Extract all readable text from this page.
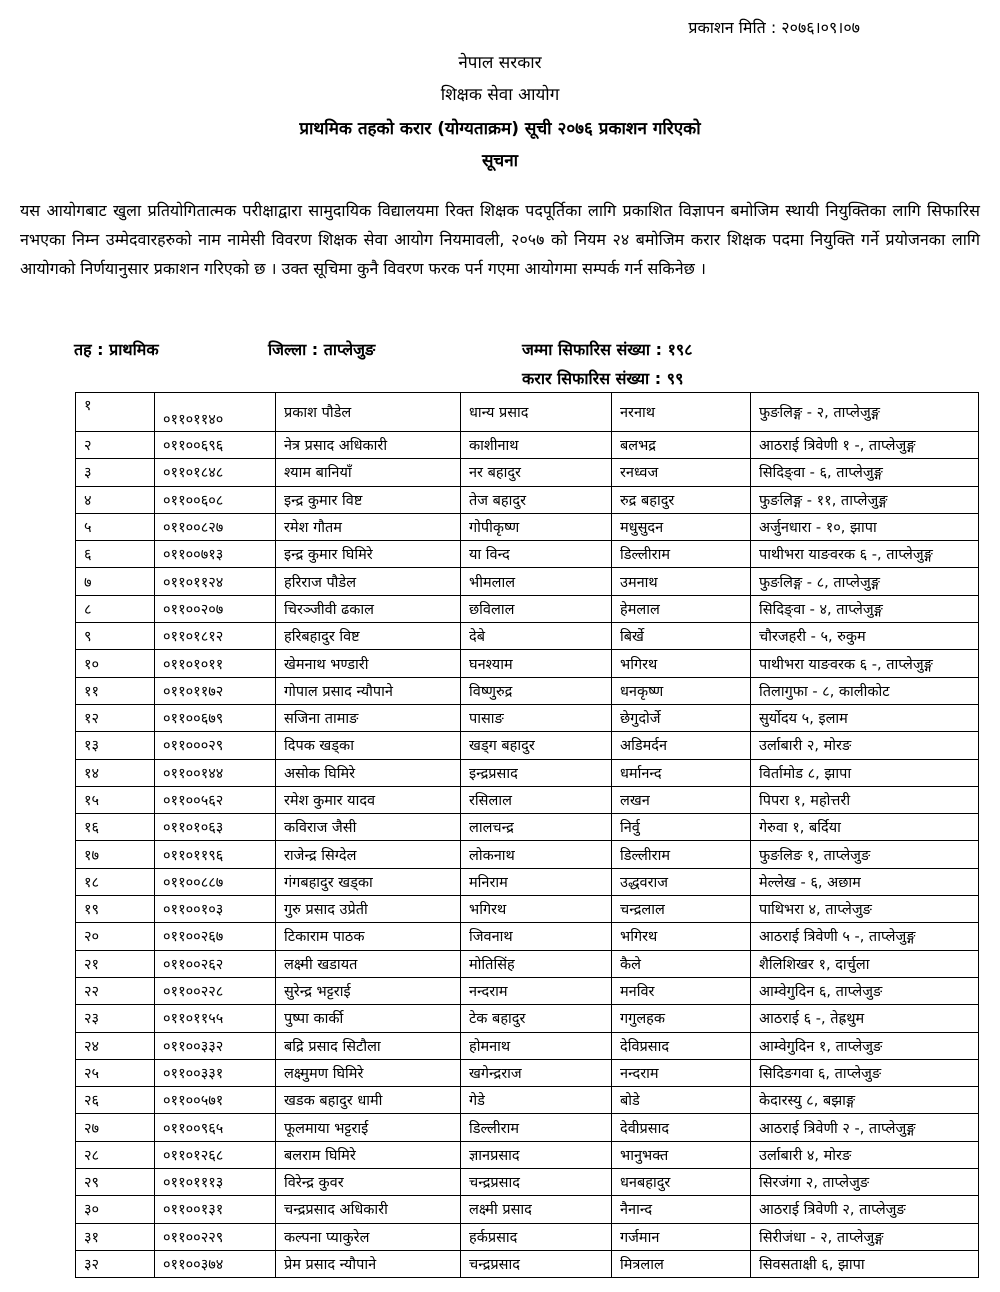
प्रकाशन मिति : २०७६।०९।०७
नेपाल सरकार
शिक्षक सेवा आयोग
प्राथमिक तहको करार (योग्यताक्रम) सूची २०७६ प्रकाशन गरिएको
सूचना
यस आयोगबाट खुला प्रतियोगितात्मक परीक्षाद्वारा सामुदायिक विद्यालयमा रिक्त शिक्षक पदपूर्तिका लागि प्रकाशित विज्ञापन बमोजिम स्थायी नियुक्तिका लागि सिफारिस नभएका निम्न उम्मेदवारहरुको नाम नामेसी विवरण शिक्षक सेवा आयोग नियमावली, २०५७ को नियम २४ बमोजिम करार शिक्षक पदमा नियुक्ति गर्ने प्रयोजनका लागि आयोगको निर्णयानुसार प्रकाशन गरिएको छ । उक्त सूचिमा कुनै विवरण फरक पर्न गएमा आयोगमा सम्पर्क गर्न सकिनेछ ।
तह : प्राथमिक	जिल्ला : ताप्लेजुङ	जम्मा सिफारिस संख्या : १९८
करार सिफारिस संख्या : ९९
१	०११०११४०	प्रकाश पौडेल	धान्य प्रसाद	नरनाथ	फुङलिङ्ग - २, ताप्लेजुङ्ग
२	०११००६९६	नेत्र प्रसाद अधिकारी	काशीनाथ	बलभद्र	आठराई त्रिवेणी १ -, ताप्लेजुङ्ग
३	०११०१८४८	श्याम बानियाँ	नर बहादुर	रनध्वज	सिदिङ्वा - ६, ताप्लेजुङ्ग
४	०११००६०८	इन्द्र कुमार विष्ट	तेज बहादुर	रुद्र बहादुर	फुङलिङ्ग - ११, ताप्लेजुङ्ग
५	०११००८२७	रमेश गौतम	गोपीकृष्ण	मधुसुदन	अर्जुनधारा - १०, झापा
६	०११००७१३	इन्द्र कुमार घिमिरे	या विन्द	डिल्लीराम	पाथीभरा याङवरक ६ -, ताप्लेजुङ्ग
७	०११०११२४	हरिराज पौडेल	भीमलाल	उमनाथ	फुङलिङ्ग - ८, ताप्लेजुङ्ग
८	०११००२०७	चिरञ्जीवी ढकाल	छविलाल	हेमलाल	सिदिङ्वा - ४, ताप्लेजुङ्ग
९	०११०१८१२	हरिबहादुर विष्ट	देबे	बिर्खे	चौरजहरी - ५, रुकुम
१०	०११०१०११	खेमनाथ भण्डारी	घनश्याम	भगिरथ	पाथीभरा याङवरक ६ -, ताप्लेजुङ्ग
११	०११०११७२	गोपाल प्रसाद न्यौपाने	विष्णुरुद्र	धनकृष्ण	तिलागुफा - ८, कालीकोट
१२	०११००६७९	सजिना तामाङ	पासाङ	छेगुदोर्जे	सुर्योदय ५, इलाम
१३	०११०००२९	दिपक खड्का	खड्ग बहादुर	अडिमर्दन	उर्लाबारी २, मोरङ
१४	०११००१४४	असोक घिमिरे	इन्द्रप्रसाद	धर्मानन्द	विर्तामोड ८, झापा
१५	०११००५६२	रमेश कुमार यादव	रसिलाल	लखन	पिपरा १, महोत्तरी
१६	०११०१०६३	कविराज जैसी	लालचन्द्र	निर्वु	गेरुवा १, बर्दिया
१७	०११०११९६	राजेन्द्र सिग्देल	लोकनाथ	डिल्लीराम	फुङलिङ १, ताप्लेजुङ
१८	०११००८८७	गंगबहादुर खड्का	मनिराम	उद्धवराज	मेल्लेख - ६, अछाम
१९	०११००१०३	गुरु प्रसाद उप्रेती	भगिरथ	चन्द्रलाल	पाथिभरा ४, ताप्लेजुङ
२०	०११००२६७	टिकाराम पाठक	जिवनाथ	भगिरथ	आठराई त्रिवेणी ५ -, ताप्लेजुङ्ग
२१	०११००२६२	लक्ष्मी खडायत	मोतिसिंह	कैले	शैलिशिखर १, दार्चुला
२२	०११००२२८	सुरेन्द्र भट्टराई	नन्दराम	मनविर	आम्वेगुदिन ६, ताप्लेजुङ
२३	०११०११५५	पुष्पा कार्की	टेक बहादुर	गगुलहक	आठराई ६ -, तेह्रथुम
२४	०११००३३२	बद्रि प्रसाद सिटौला	होमनाथ	देविप्रसाद	आम्वेगुदिन १, ताप्लेजुङ
२५	०११००३३१	लक्ष्मुमण घिमिरे	खगेन्द्रराज	नन्दराम	सिदिङगवा ६, ताप्लेजुङ
२६	०११००५७१	खडक बहादुर धामी	गेडे	बोडे	केदारस्यु ८, बझाङ्ग
२७	०११००९६५	फूलमाया भट्टराई	डिल्लीराम	देवीप्रसाद	आठराई त्रिवेणी २ -, ताप्लेजुङ्ग
२८	०११०१२६८	बलराम घिमिरे	ज्ञानप्रसाद	भानुभक्त	उर्लाबारी ४, मोरङ
२९	०११०१११३	विरेन्द्र कुवर	चन्द्रप्रसाद	धनबहादुर	सिरजंगा २, ताप्लेजुङ
३०	०११००१३१	चन्द्रप्रसाद अधिकारी	लक्ष्मी प्रसाद	नैनान्द	आठराई त्रिवेणी २, ताप्लेजुङ
३१	०११००२२९	कल्पना प्याकुरेल	हर्कप्रसाद	गर्जमान	सिरीजंधा - २, ताप्लेजुङ्ग
३२	०११००३७४	प्रेम प्रसाद न्यौपाने	चन्द्रप्रसाद	मित्रलाल	सिवसताक्षी ६, झापा
